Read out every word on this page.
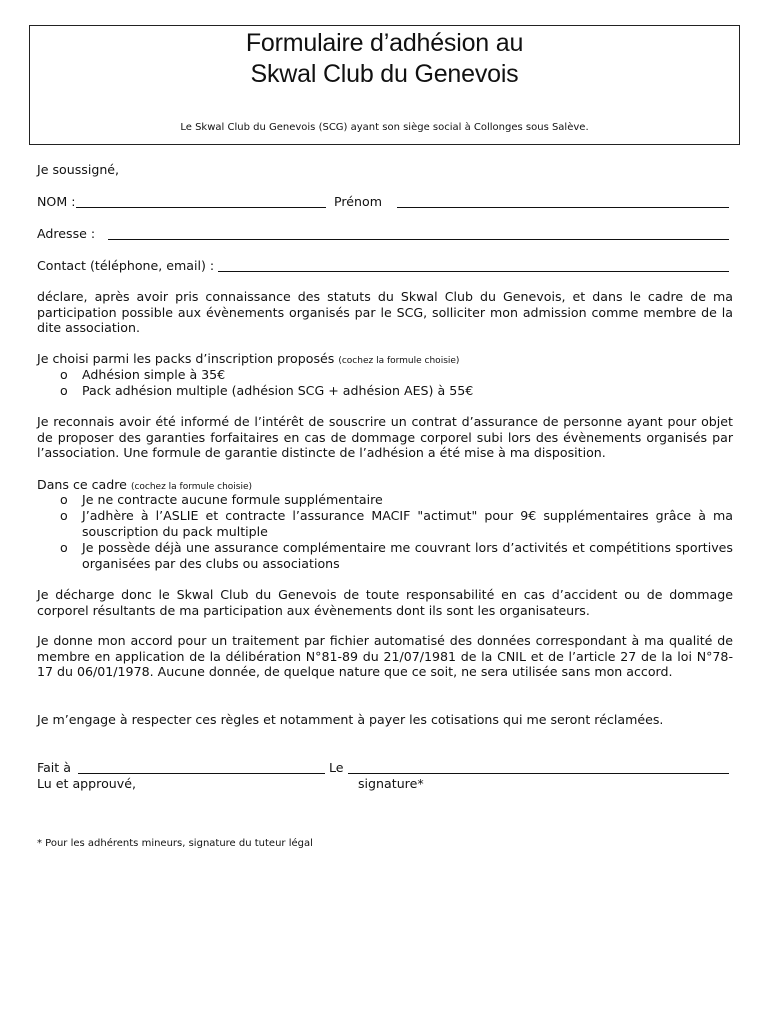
Formulaire d’adhésion au
Skwal Club du Genevois
Le Skwal Club du Genevois (SCG) ayant son siège social à Collonges sous Salève.
Je soussigné,
NOM :	Prénom
Adresse :
Contact (téléphone, email) :
déclare, après avoir pris connaissance des statuts du Skwal Club du Genevois, et dans le cadre de ma participation possible aux évènements organisés par le SCG, solliciter mon admission comme membre de la dite association.
Je choisi parmi les packs d’inscription proposés (cochez la formule choisie)
o Adhésion simple à 35€
o Pack adhésion multiple (adhésion SCG + adhésion AES) à 55€
Je reconnais avoir été informé de l’intérêt de souscrire un contrat d’assurance de personne ayant pour objet de proposer des garanties forfaitaires en cas de dommage corporel subi lors des évènements organisés par l’association. Une formule de garantie distincte de l’adhésion a été mise à ma disposition.
Dans ce cadre (cochez la formule choisie)
o Je ne contracte aucune formule supplémentaire
o J’adhère à l’ASLIE et contracte l’assurance MACIF "actimut" pour 9€ supplémentaires grâce à ma souscription du pack multiple
o Je possède déjà une assurance complémentaire me couvrant lors d’activités et compétitions sportives organisées par des clubs ou associations
Je décharge donc le Skwal Club du Genevois de toute responsabilité en cas d’accident ou de dommage corporel résultants de ma participation aux évènements dont ils sont les organisateurs.
Je donne mon accord pour un traitement par fichier automatisé des données correspondant à ma qualité de membre en application de la délibération N°81-89 du 21/07/1981 de la CNIL et de l’article 27 de la loi N°78-17 du 06/01/1978. Aucune donnée, de quelque nature que ce soit, ne sera utilisée sans mon accord.
Je m’engage à respecter ces règles et notamment à payer les cotisations qui me seront réclamées.
Fait à	Le
Lu et approuvé,	signature*
* Pour les adhérents mineurs, signature du tuteur légal
